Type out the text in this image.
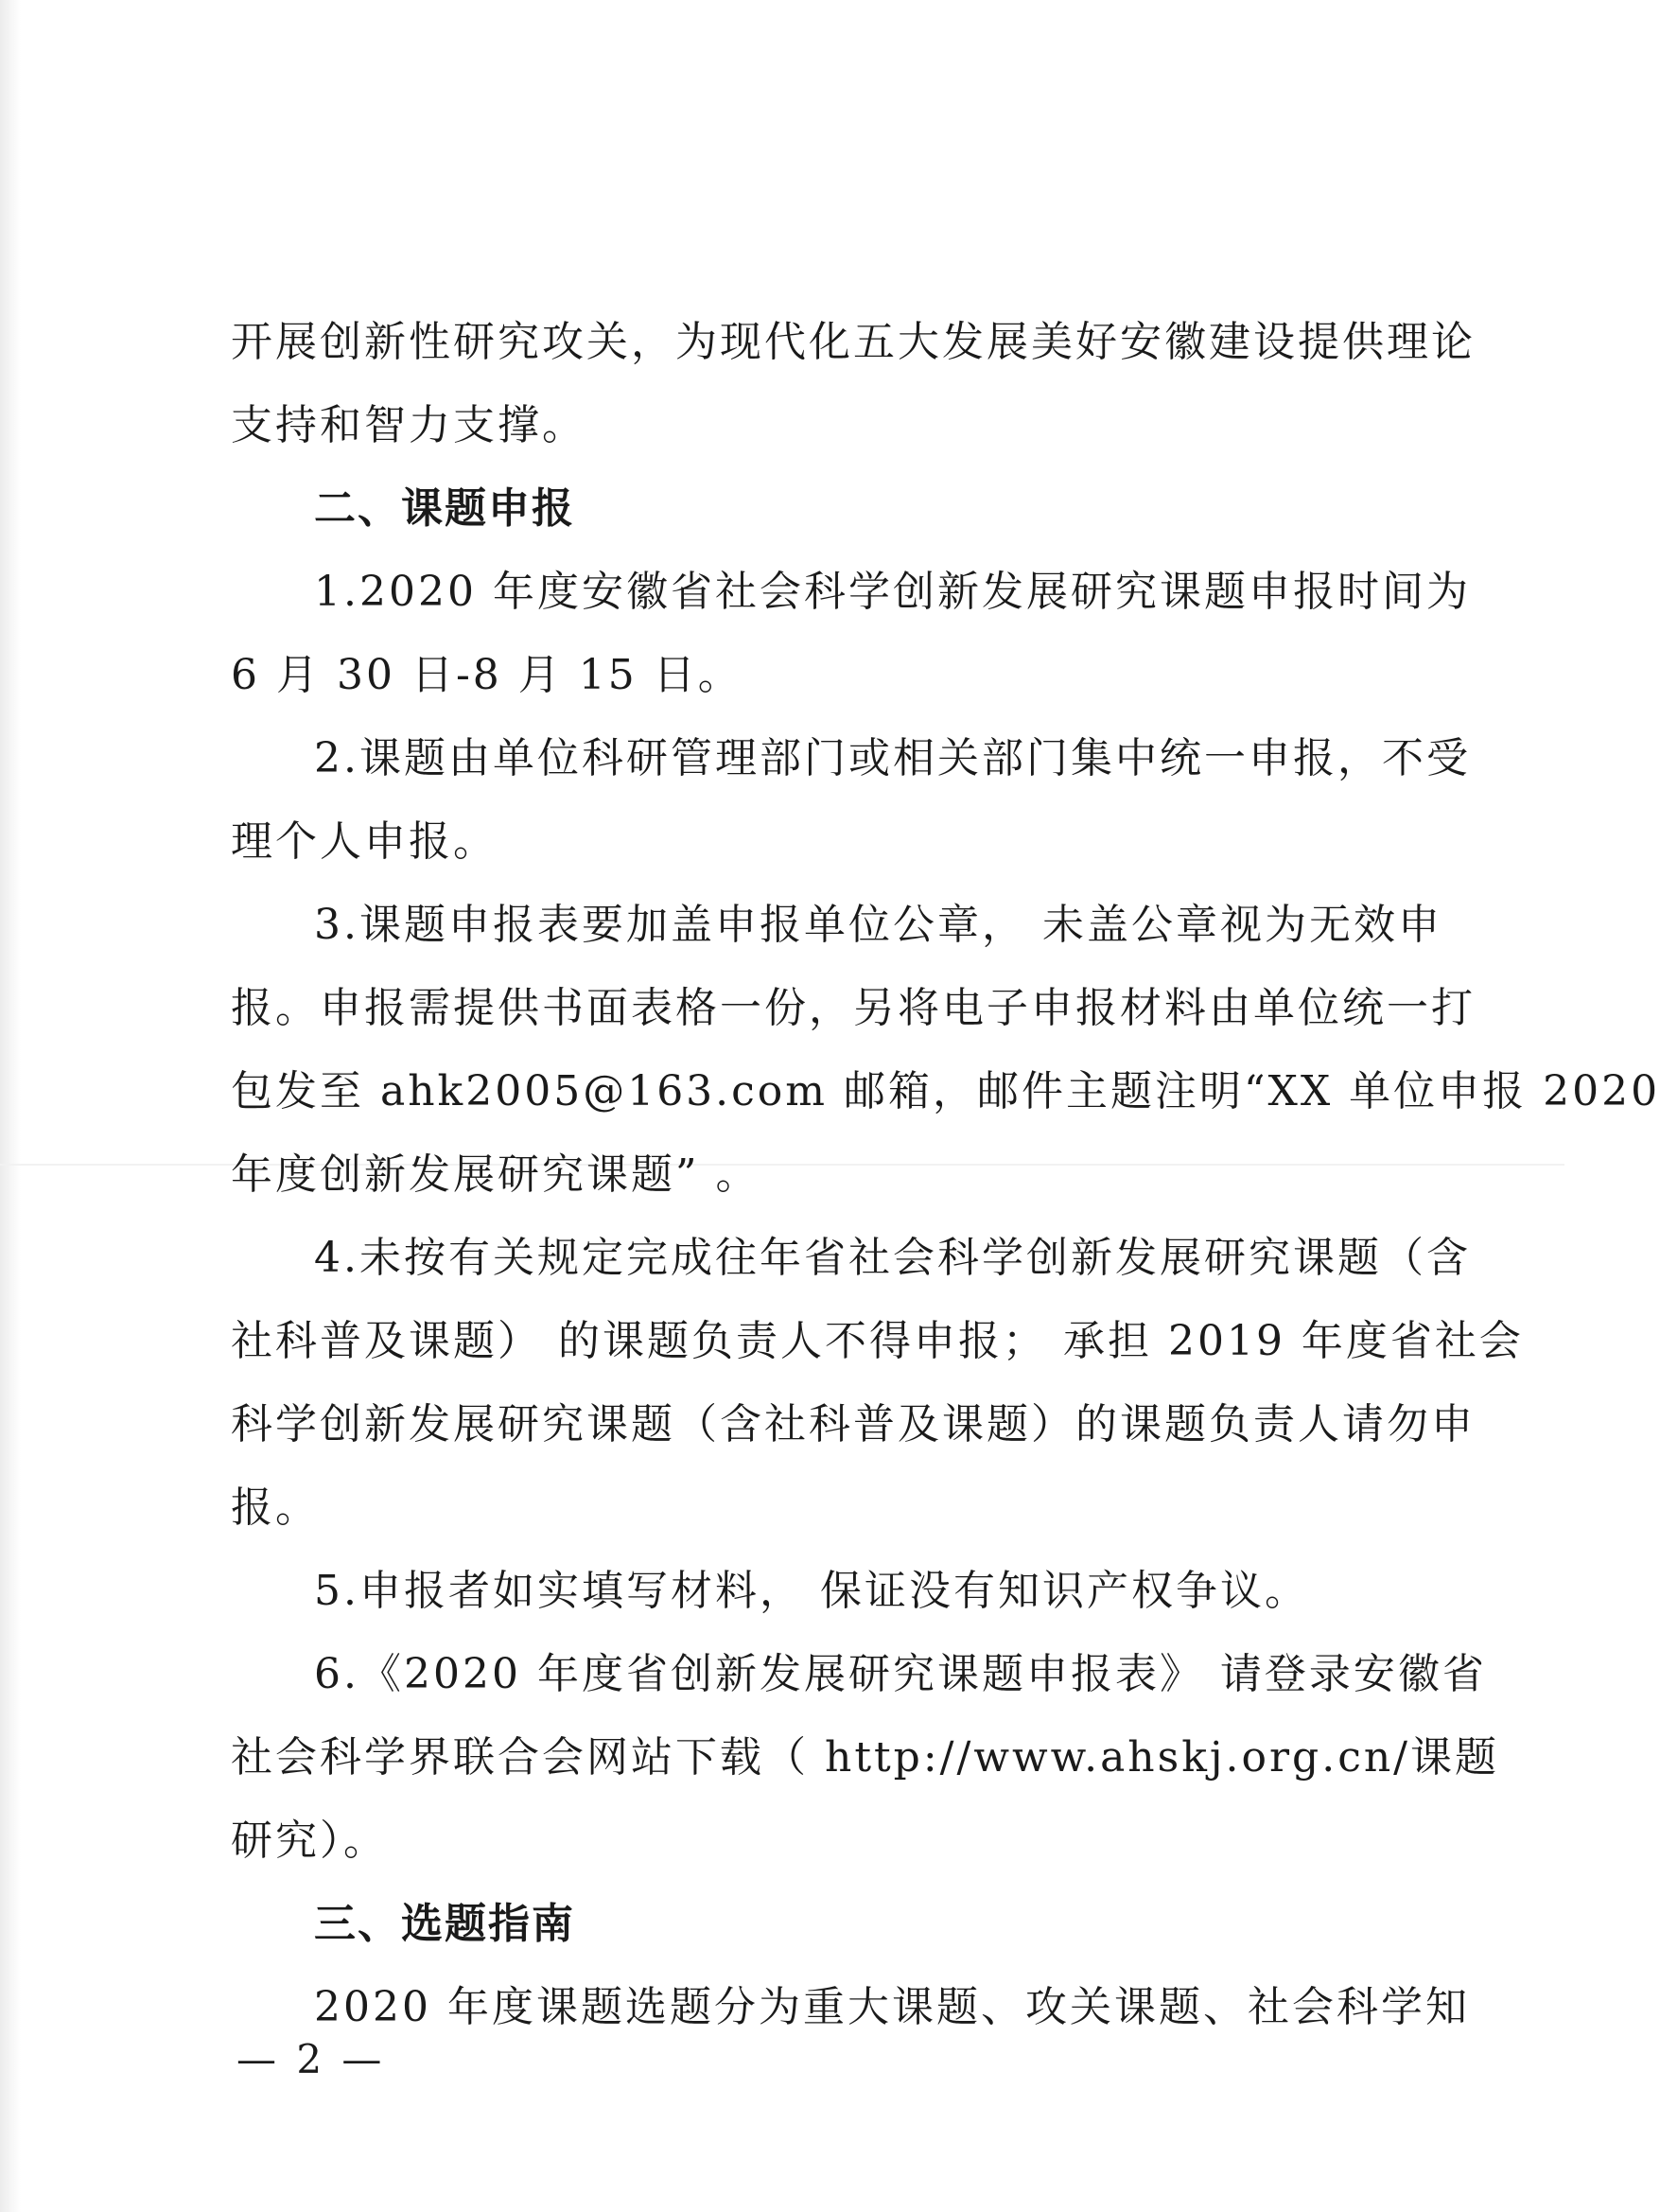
开展创新性研究攻关，为现代化五大发展美好安徽建设提供理论
支持和智力支撑。
二、课题申报
1.2020 年度安徽省社会科学创新发展研究课题申报时间为
6 月 30 日-8 月 15 日。
2.课题由单位科研管理部门或相关部门集中统一申报，不受
理个人申报。
3.课题申报表要加盖申报单位公章， 未盖公章视为无效申
报。申报需提供书面表格一份，另将电子申报材料由单位统一打
包发至 ahk2005@163.com 邮箱，邮件主题注明“XX 单位申报 2020
年度创新发展研究课题” 。
4.未按有关规定完成往年省社会科学创新发展研究课题（含
社科普及课题） 的课题负责人不得申报； 承担 2019 年度省社会
科学创新发展研究课题（含社科普及课题）的课题负责人请勿申
报。
5.申报者如实填写材料， 保证没有知识产权争议。
6.《2020 年度省创新发展研究课题申报表》 请登录安徽省
社会科学界联合会网站下载（ http://www.ahskj.org.cn/课题
研究）。
三、选题指南
2020 年度课题选题分为重大课题、攻关课题、社会科学知
— 2 —
